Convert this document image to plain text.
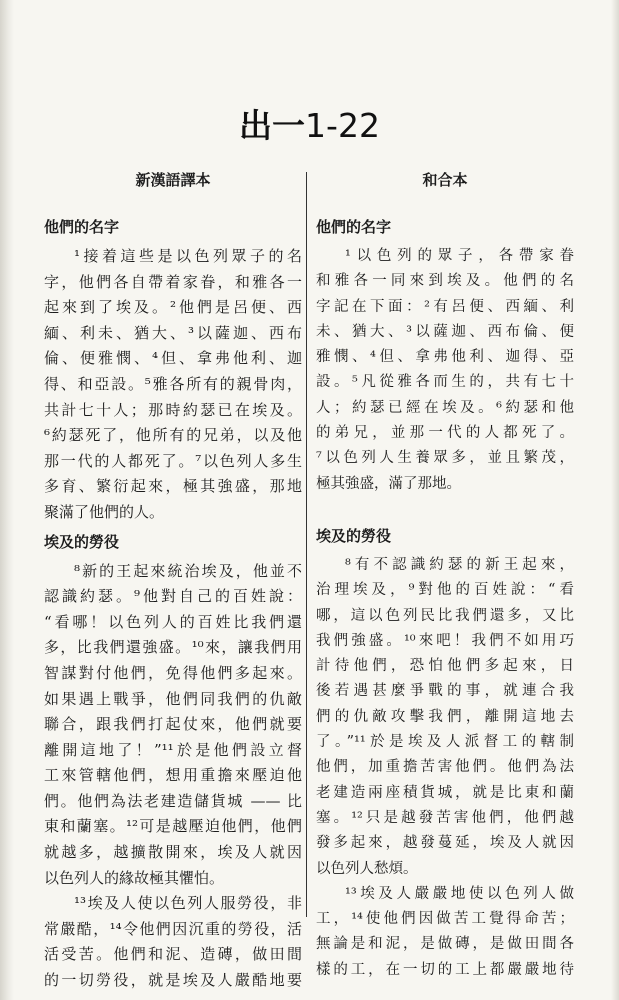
出一1-22
新漢語譯本
他們的名字
¹接着這些是以色列眾子的名
字，他們各自帶着家眷，和雅各一
起來到了埃及。²他們是呂便、西
緬、利未、猶大、³以薩迦、西布
倫、便雅憫、⁴但、拿弗他利、迦
得、和亞設。⁵雅各所有的親骨肉，
共計七十人；那時約瑟已在埃及。
⁶約瑟死了，他所有的兄弟，以及他
那一代的人都死了。⁷以色列人多生
多育、繁衍起來，極其強盛，那地
聚滿了他們的人。
埃及的勞役
⁸新的王起來統治埃及，他並不
認識約瑟。⁹他對自己的百姓說：
“看哪！以色列人的百姓比我們還
多，比我們還強盛。¹⁰來，讓我們用
智謀對付他們，免得他們多起來。
如果遇上戰爭，他們同我們的仇敵
聯合，跟我們打起仗來，他們就要
離開這地了！”¹¹於是他們設立督
工來管轄他們，想用重擔來壓迫他
們。他們為法老建造儲貨城 —— 比
東和蘭塞。¹²可是越壓迫他們，他們
就越多，越擴散開來，埃及人就因
以色列人的緣故極其懼怕。
¹³埃及人使以色列人服勞役，非
常嚴酷，¹⁴令他們因沉重的勞役，活
活受苦。他們和泥、造磚，做田間
的一切勞役，就是埃及人嚴酷地要
和合本
他們的名字
¹以色列的眾子，各帶家眷
和雅各一同來到埃及。他們的名
字記在下面：²有呂便、西緬、利
未、猶大、³以薩迦、西布倫、便
雅憫、⁴但、拿弗他利、迦得、亞
設。⁵凡從雅各而生的，共有七十
人；約瑟已經在埃及。⁶約瑟和他
的弟兄，並那一代的人都死了。
⁷以色列人生養眾多，並且繁茂，
極其強盛，滿了那地。
埃及的勞役
⁸有不認識約瑟的新王起來，
治理埃及，⁹對他的百姓說：“看
哪，這以色列民比我們還多，又比
我們強盛。¹⁰來吧！我們不如用巧
計待他們，恐怕他們多起來，日
後若遇甚麼爭戰的事，就連合我
們的仇敵攻擊我們，離開這地去
了。”¹¹於是埃及人派督工的轄制
他們，加重擔苦害他們。他們為法
老建造兩座積貨城，就是比東和蘭
塞。¹²只是越發苦害他們，他們越
發多起來，越發蔓延，埃及人就因
以色列人愁煩。
¹³埃及人嚴嚴地使以色列人做
工，¹⁴使他們因做苦工覺得命苦；
無論是和泥，是做磚，是做田間各
樣的工，在一切的工上都嚴嚴地待
